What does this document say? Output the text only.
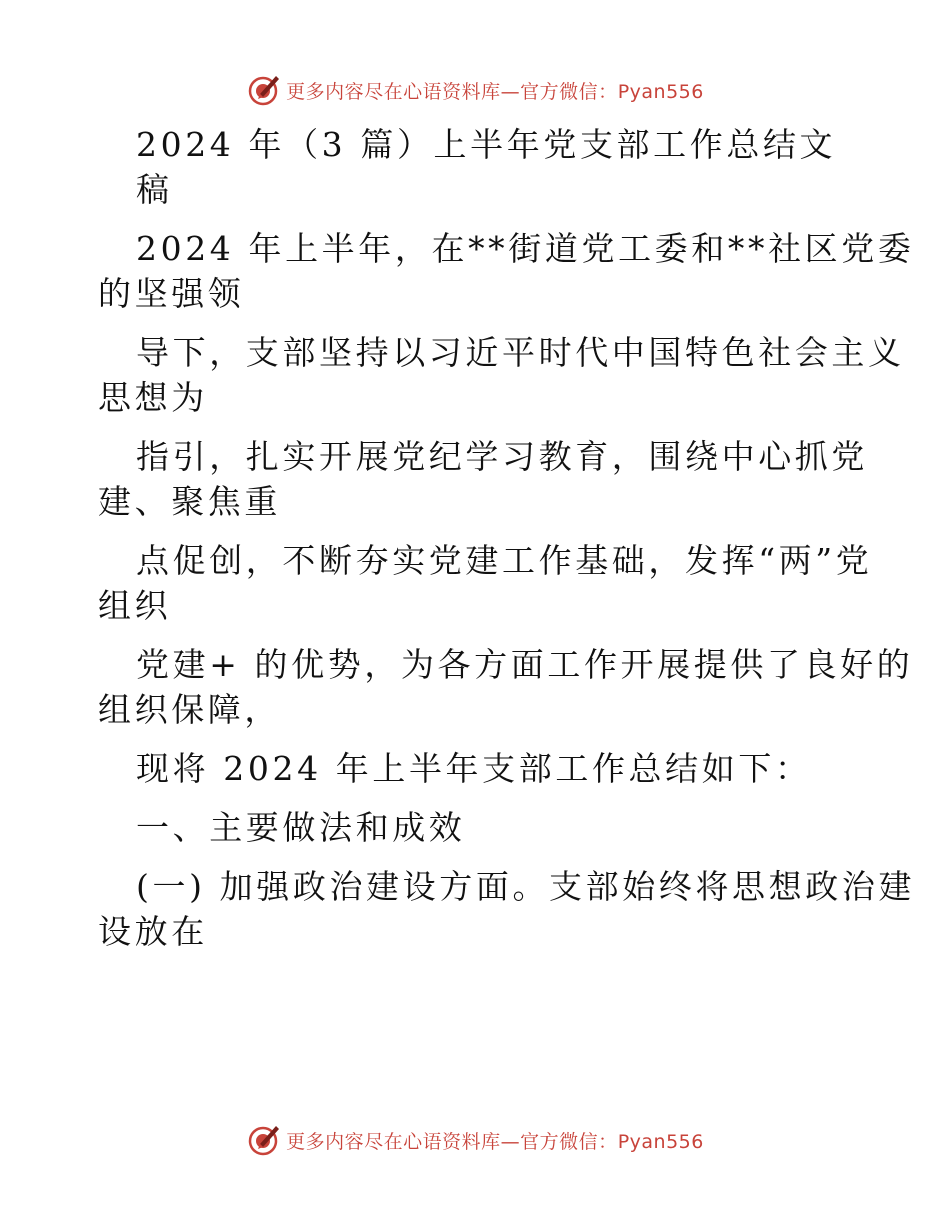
更多内容尽在心语资料库—官方微信：Pyan556
2024 年（3 篇）上半年党支部工作总结文
稿
2024 年上半年，在**街道党工委和**社区党委
的坚强领
导下，支部坚持以习近平时代中国特色社会主义
思想为
指引，扎实开展党纪学习教育，围绕中心抓党
建、聚焦重
点促创，不断夯实党建工作基础，发挥“两”党
组织
党建+ 的优势，为各方面工作开展提供了良好的
组织保障，
现将 2024 年上半年支部工作总结如下：
一、主要做法和成效
(一) 加强政治建设方面。支部始终将思想政治建
设放在
更多内容尽在心语资料库—官方微信：Pyan556
